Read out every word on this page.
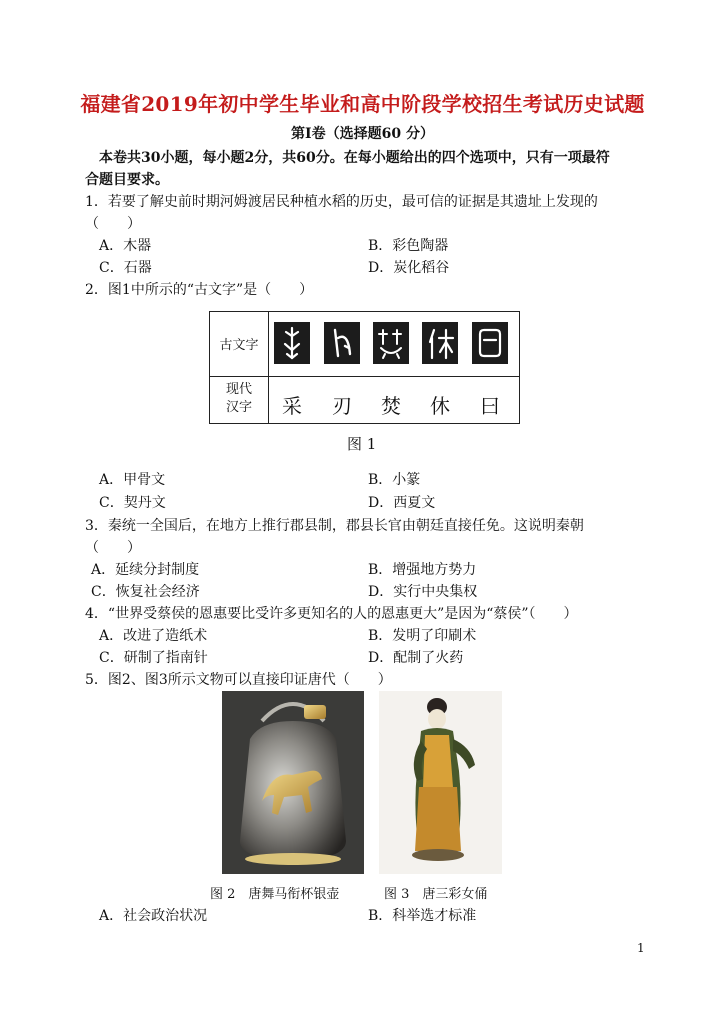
福建省2019年初中学生毕业和高中阶段学校招生考试历史试题
第Ⅰ卷（选择题60 分）
本卷共30小题，每小题2分，共60分。在每小题给出的四个选项中，只有一项最符
合题目要求。
1．若要了解史前时期河姆渡居民种植水稻的历史，最可信的证据是其遗址上发现的
（　　）
A．木器	B．彩色陶器
C．石器	D．炭化稻谷
2．图1中所示的“古文字”是（　　）
古文字
现代
汉字	采	刃	焚	休	曰
图 1
A．甲骨文	B．小篆
C．契丹文	D．西夏文
3．秦统一全国后，在地方上推行郡县制，郡县长官由朝廷直接任免。这说明秦朝
（　　）
A．延续分封制度	B．增强地方势力
C．恢复社会经济	D．实行中央集权
4．“世界受蔡侯的恩惠要比受许多更知名的人的恩惠更大”是因为“蔡侯”（　　）
A．改进了造纸术	B．发明了印刷术
C．研制了指南针	D．配制了火药
5．图2、图3所示文物可以直接印证唐代（　　）
图 2　唐舞马衔杯银壶	图 3　唐三彩女俑
A．社会政治状况	B．科举选才标准
1
